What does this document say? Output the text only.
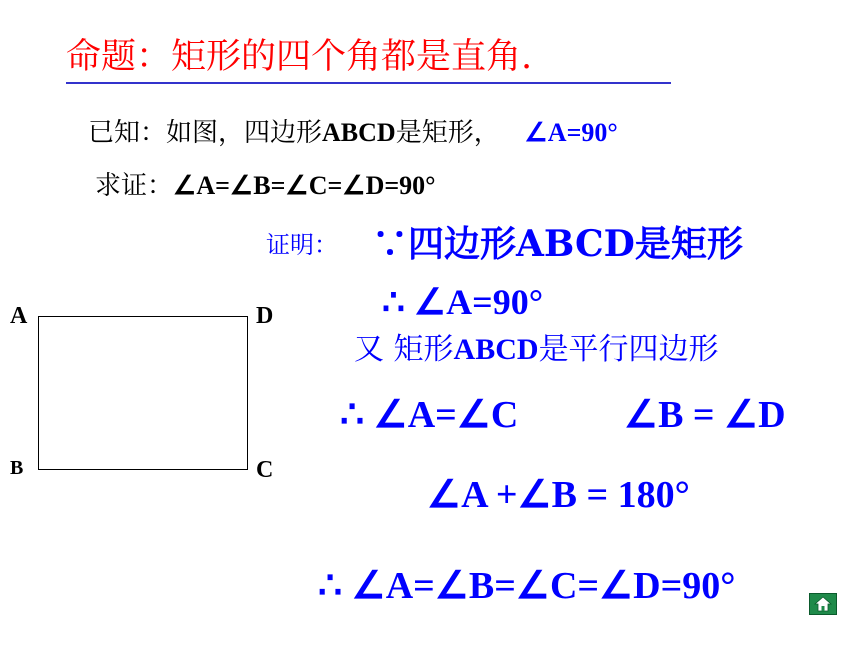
命题：矩形的四个角都是直角.
已知：如图，四边形ABCD是矩形， ∠A=90°
求证：∠A=∠B=∠C=∠D=90°
证明： ∵四边形ABCD是矩形
∴ ∠A=90°
又 矩形ABCD是平行四边形
∴ ∠A=∠C	∠B = ∠D
∠A +∠B = 180°
∴ ∠A=∠B=∠C=∠D=90°
A	D
B	C
